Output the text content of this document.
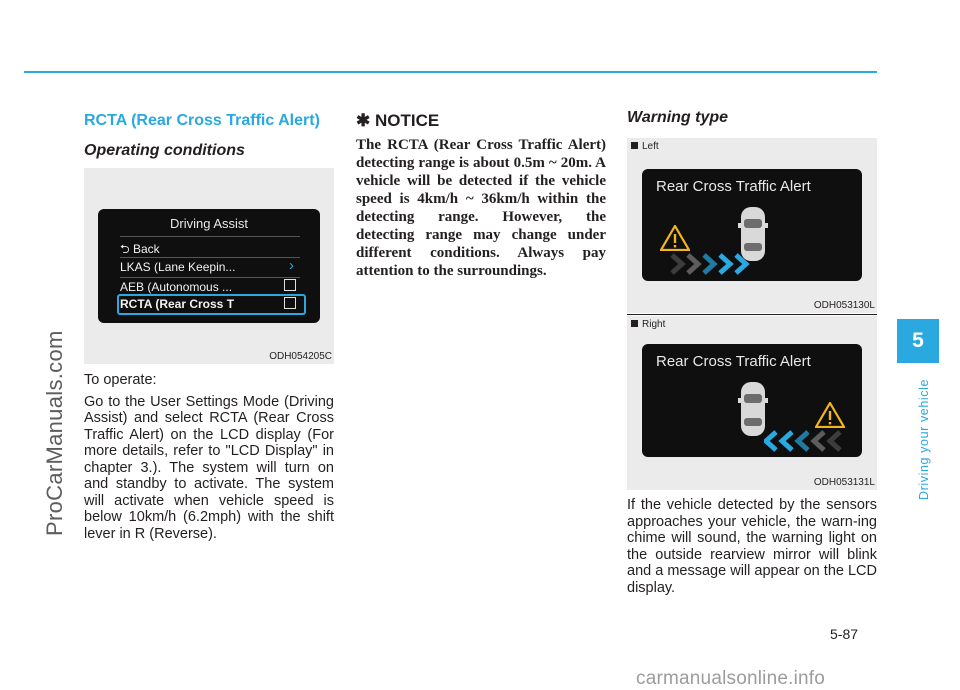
ProCarManuals.com
RCTA (Rear Cross Traffic Alert)
Operating conditions
Driving Assist
⮌ Back
LKAS (Lane Keepin...	›
AEB (Autonomous ...
RCTA (Rear Cross T
ODH054205C

To operate:

Go to the User Settings Mode (Driving Assist) and select RCTA (Rear Cross Traffic Alert) on the LCD display (For more details, refer to "LCD Display" in chapter 3.). The system will turn on and standby to activate. The system will activate when vehicle speed is below 10km/h (6.2mph) with the shift lever in R (Reverse).

✱ NOTICE

The RCTA (Rear Cross Traffic Alert) detecting range is about 0.5m ~ 20m. A vehicle will be detected if the vehicle speed is 4km/h ~ 36km/h within the detecting range. However, the detecting range may change under different conditions. Always pay attention to the surroundings.

Warning type
Left
Rear Cross Traffic Alert
ODH053130L
Right
Rear Cross Traffic Alert
ODH053131L

If the vehicle detected by the sensors approaches your vehicle, the warn-ing chime will sound, the warning light on the outside rearview mirror will blink and a message will appear on the LCD display.

5
Driving your vehicle
5-87
carmanualsonline.info
